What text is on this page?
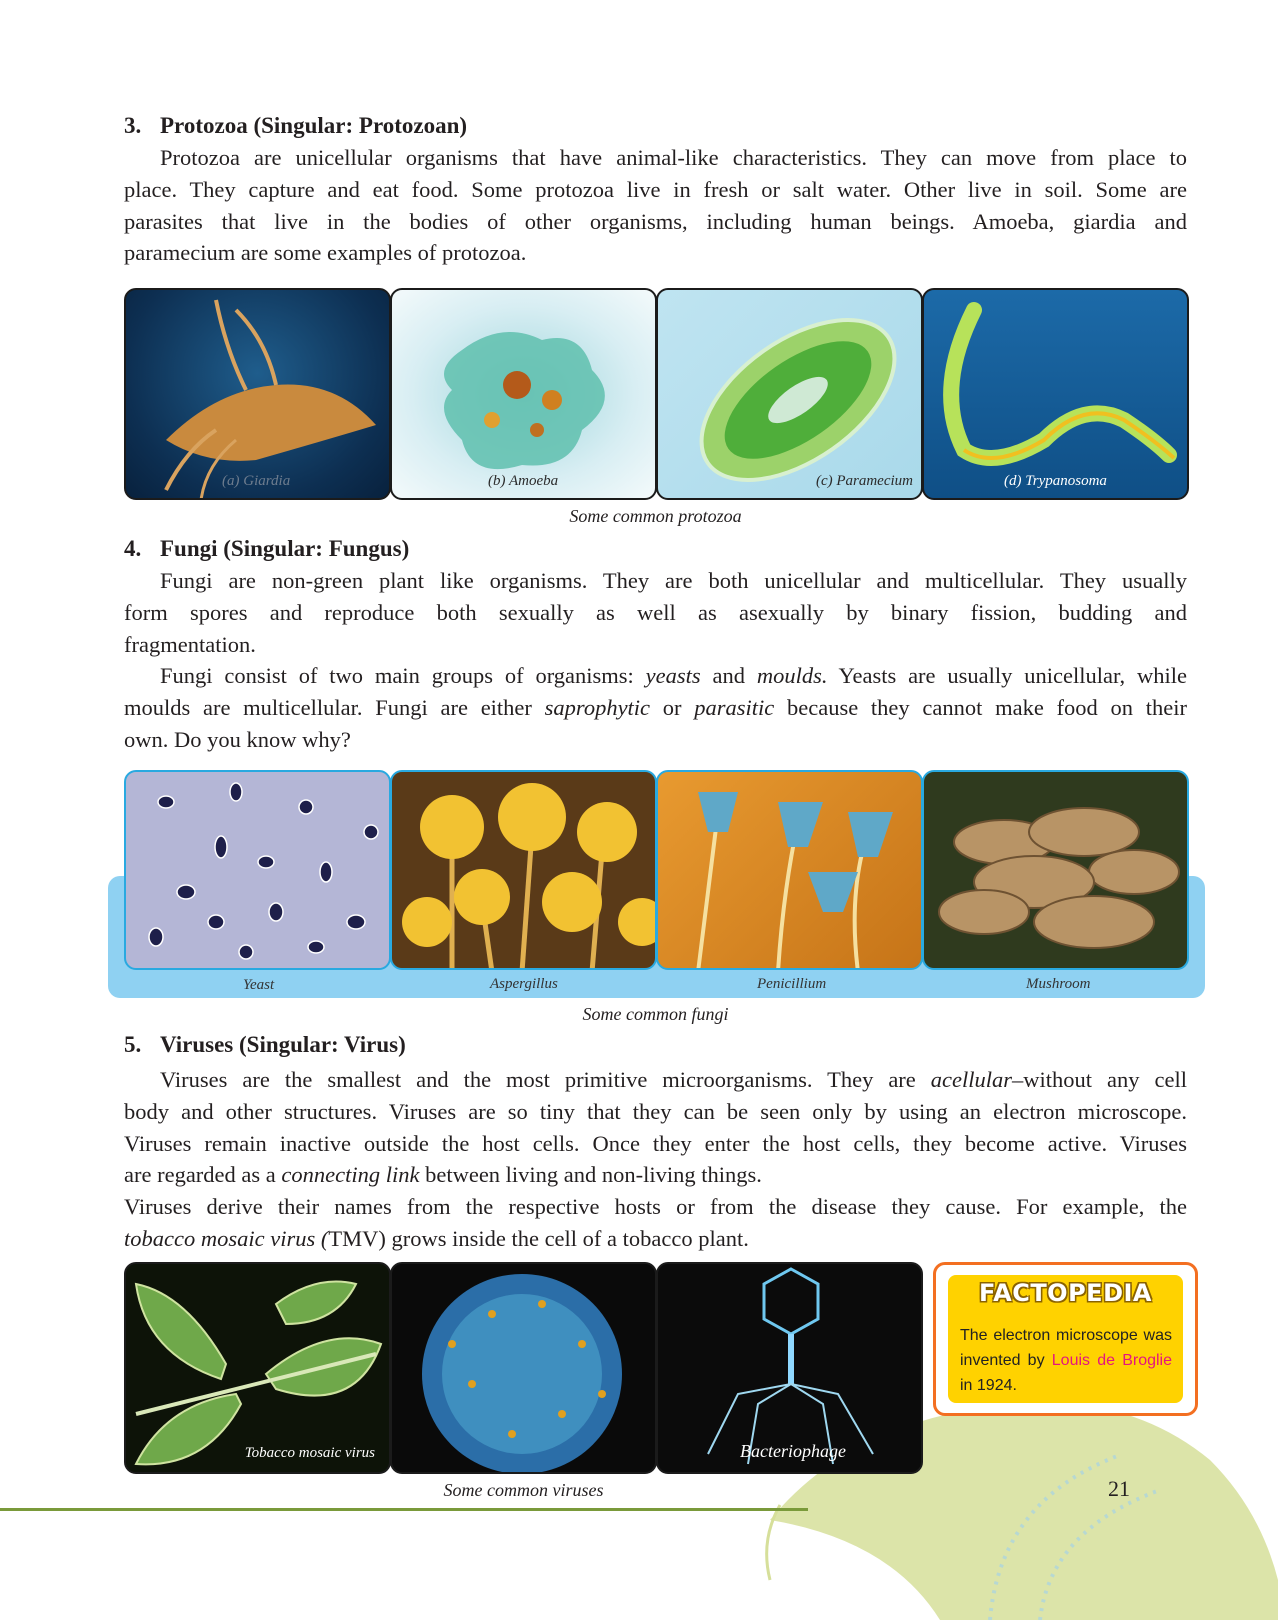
3. Protozoa (Singular: Protozoan)
Protozoa are unicellular organisms that have animal-like characteristics. They can move from place to
place. They capture and eat food. Some protozoa live in fresh or salt water. Other live in soil. Some are
parasites that live in the bodies of other organisms, including human beings. Amoeba, giardia and
paramecium are some examples of protozoa.
(a) Giardia	(b) Amoeba	(c) Paramecium	(d) Trypanosoma
Some common protozoa
4. Fungi (Singular: Fungus)
Fungi are non-green plant like organisms. They are both unicellular and multicellular. They usually
form spores and reproduce both sexually as well as asexually by binary fission, budding and
fragmentation.
Fungi consist of two main groups of organisms: yeasts and moulds. Yeasts are usually unicellular, while
moulds are multicellular. Fungi are either saprophytic or parasitic because they cannot make food on their
own. Do you know why?
Yeast	Aspergillus	Penicillium	Mushroom
Some common fungi
5. Viruses (Singular: Virus)
Viruses are the smallest and the most primitive microorganisms. They are acellular–without any cell
body and other structures. Viruses are so tiny that they can be seen only by using an electron microscope.
Viruses remain inactive outside the host cells. Once they enter the host cells, they become active. Viruses
are regarded as a connecting link between living and non-living things.
Viruses derive their names from the respective hosts or from the disease they cause. For example, the
tobacco mosaic virus (TMV) grows inside the cell of a tobacco plant.
Tobacco mosaic virus	Bacteriophage
Some common viruses
FACTOPEDIA
The electron microscope was invented by Louis de Broglie in 1924.
21
